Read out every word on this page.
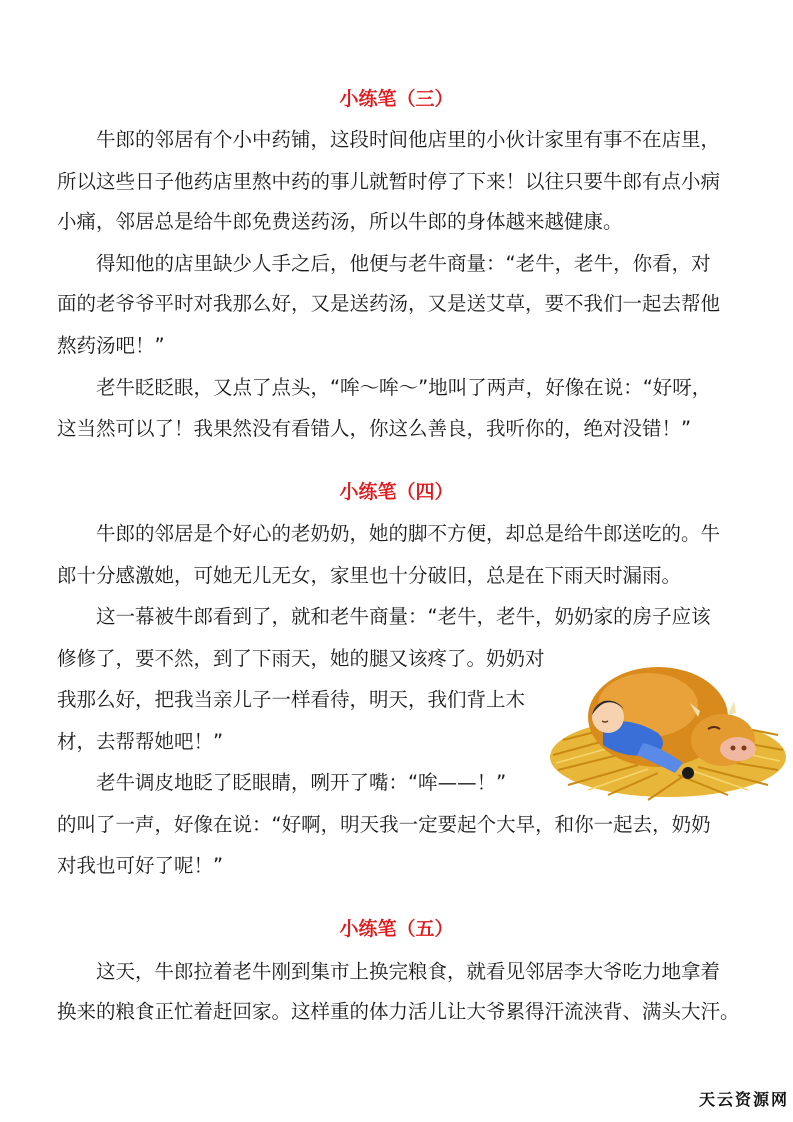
小练笔（三）
牛郎的邻居有个小中药铺，这段时间他店里的小伙计家里有事不在店里，
所以这些日子他药店里熬中药的事儿就暂时停了下来！以往只要牛郎有点小病
小痛，邻居总是给牛郎免费送药汤，所以牛郎的身体越来越健康。
得知他的店里缺少人手之后，他便与老牛商量：“老牛，老牛，你看，对
面的老爷爷平时对我那么好，又是送药汤，又是送艾草，要不我们一起去帮他
熬药汤吧！”
老牛眨眨眼，又点了点头，“哞～哞～”地叫了两声，好像在说：“好呀，
这当然可以了！我果然没有看错人，你这么善良，我听你的，绝对没错！”
小练笔（四）
牛郎的邻居是个好心的老奶奶，她的脚不方便，却总是给牛郎送吃的。牛
郎十分感激她，可她无儿无女，家里也十分破旧，总是在下雨天时漏雨。
这一幕被牛郎看到了，就和老牛商量：“老牛，老牛，奶奶家的房子应该
修修了，要不然，到了下雨天，她的腿又该疼了。奶奶对
我那么好，把我当亲儿子一样看待，明天，我们背上木
材，去帮帮她吧！”
老牛调皮地眨了眨眼睛，咧开了嘴：“哞——！”
的叫了一声，好像在说：“好啊，明天我一定要起个大早，和你一起去，奶奶
对我也可好了呢！”
小练笔（五）
这天，牛郎拉着老牛刚到集市上换完粮食，就看见邻居李大爷吃力地拿着
换来的粮食正忙着赶回家。这样重的体力活儿让大爷累得汗流浃背、满头大汗。
天云资源网
